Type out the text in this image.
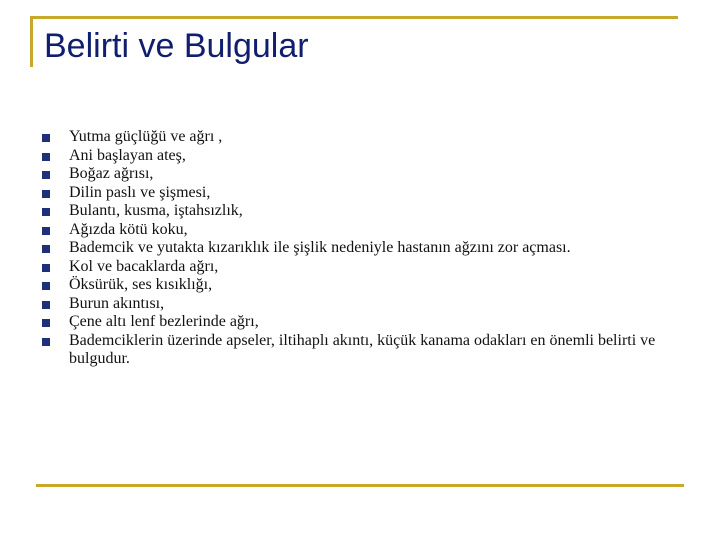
Belirti ve Bulgular
Yutma güçlüğü ve ağrı ,
Ani başlayan ateş,
Boğaz ağrısı,
Dilin paslı ve şişmesi,
Bulantı, kusma, iştahsızlık,
Ağızda kötü koku,
Bademcik ve yutakta kızarıklık ile şişlik nedeniyle hastanın ağzını zor açması.
Kol ve bacaklarda ağrı,
Öksürük, ses kısıklığı,
Burun akıntısı,
Çene altı lenf bezlerinde ağrı,
Bademciklerin üzerinde apseler, iltihaplı akıntı, küçük kanama odakları en önemli belirti ve bulgudur.
